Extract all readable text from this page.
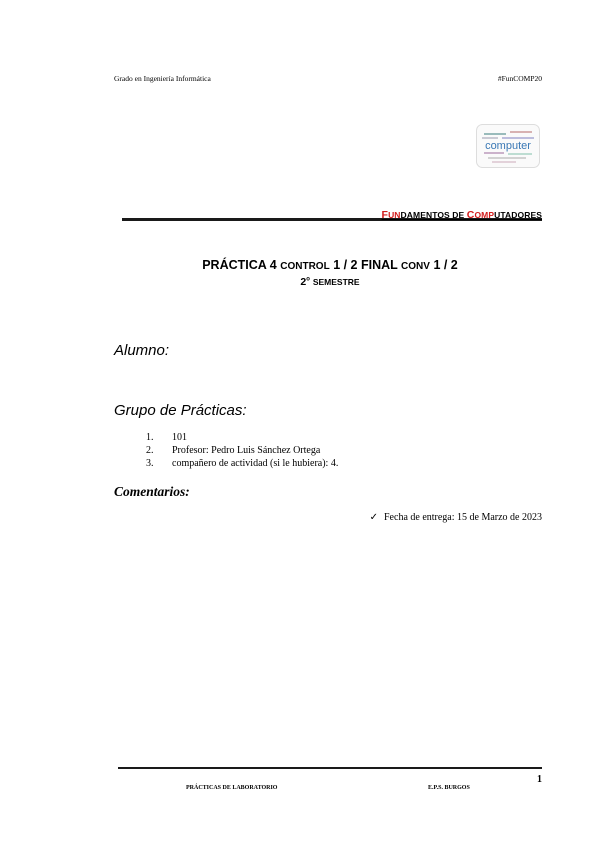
Grado en Ingeniería Informática	#FunCOMP20
computer
FUNDAMENTOS DE COMPUTADORES
PRÁCTICA 4 CONTROL 1 / 2 FINAL CONV 1 / 2
2$^o$ SEMESTRE
Alumno:
Grupo de Prácticas:
1. 101
2. Profesor: Pedro Luis Sánchez Ortega
3. compañero de actividad (si le hubiera): 4.
Comentarios:
✓ Fecha de entrega: 15 de Marzo de 2023
1
PRÁCTICAS DE LABORATORIO	E.P.S. BURGOS
